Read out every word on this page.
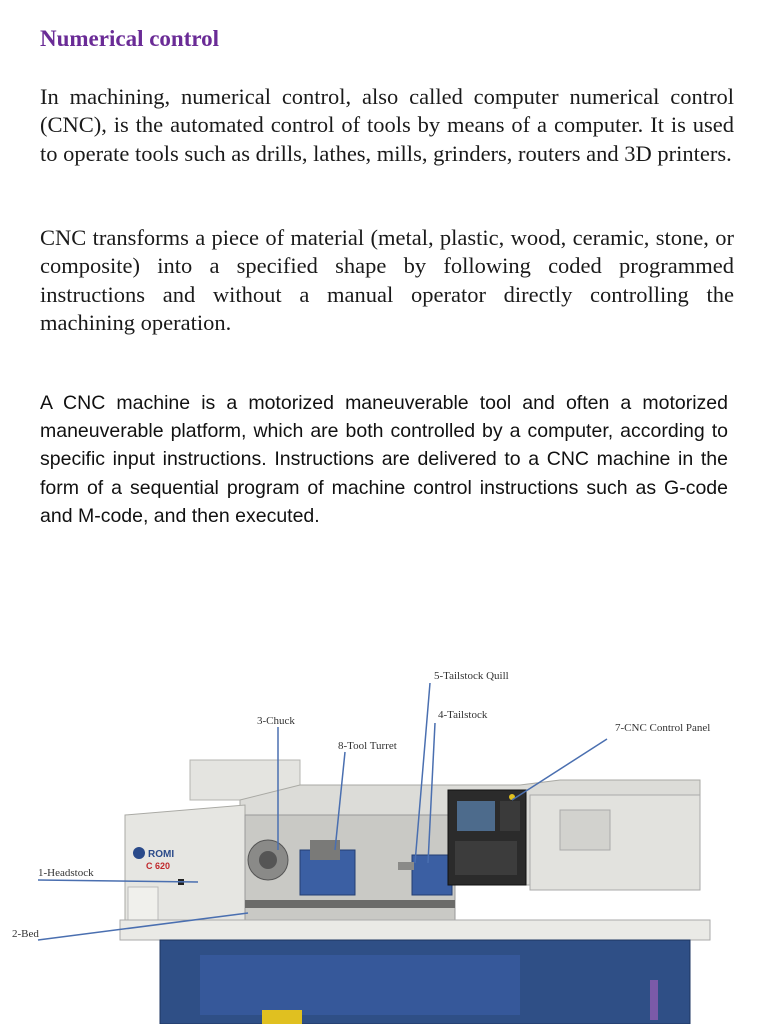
Numerical control

In machining, numerical control, also called computer numerical control (CNC), is the automated control of tools by means of a computer. It is used to operate tools such as drills, lathes, mills, grinders, routers and 3D printers.

CNC transforms a piece of material (metal, plastic, wood, ceramic, stone, or composite) into a specified shape by following coded programmed instructions and without a manual operator directly controlling the machining operation.

A CNC machine is a motorized maneuverable tool and often a motorized maneuverable platform, which are both controlled by a computer, according to specific input instructions. Instructions are delivered to a CNC machine in the form of a sequential program of machine control instructions such as G-code and M-code, and then executed.

ROMI
C 620
5-Tailstock Quill
4-Tailstock
3-Chuck
8-Tool Turret
7-CNC Control Panel
1-Headstock
2-Bed
